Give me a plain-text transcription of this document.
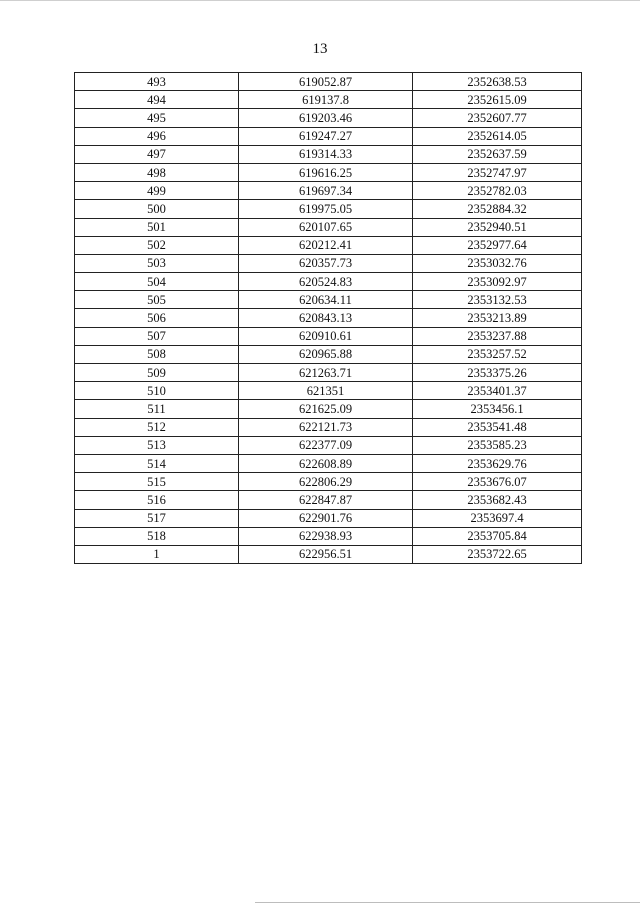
13
493	619052.87	2352638.53
494	619137.8	2352615.09
495	619203.46	2352607.77
496	619247.27	2352614.05
497	619314.33	2352637.59
498	619616.25	2352747.97
499	619697.34	2352782.03
500	619975.05	2352884.32
501	620107.65	2352940.51
502	620212.41	2352977.64
503	620357.73	2353032.76
504	620524.83	2353092.97
505	620634.11	2353132.53
506	620843.13	2353213.89
507	620910.61	2353237.88
508	620965.88	2353257.52
509	621263.71	2353375.26
510	621351	2353401.37
511	621625.09	2353456.1
512	622121.73	2353541.48
513	622377.09	2353585.23
514	622608.89	2353629.76
515	622806.29	2353676.07
516	622847.87	2353682.43
517	622901.76	2353697.4
518	622938.93	2353705.84
1	622956.51	2353722.65
